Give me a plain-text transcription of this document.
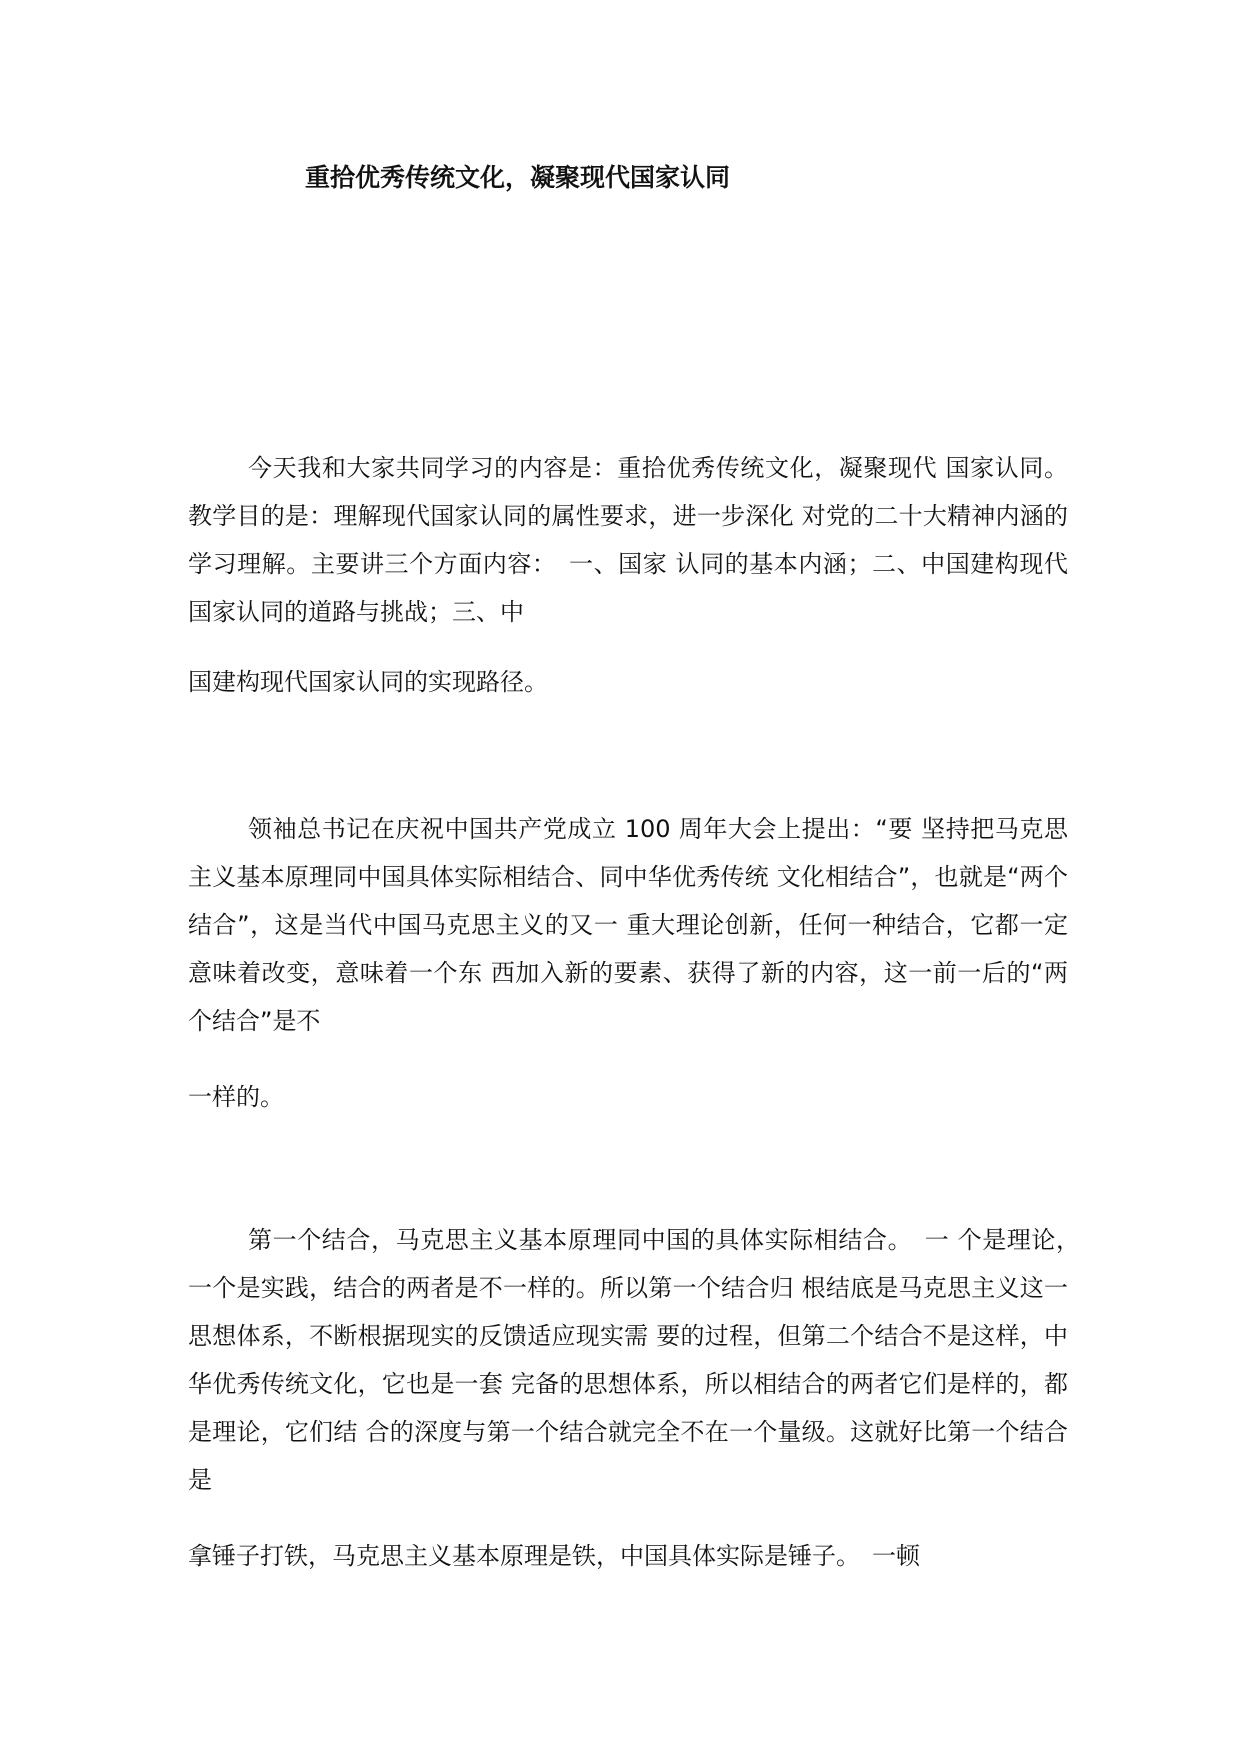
重拾优秀传统文化，凝聚现代国家认同

今天我和大家共同学习的内容是：重拾优秀传统文化，凝聚现代 国家认同。教学目的是：理解现代国家认同的属性要求，进一步深化 对党的二十大精神内涵的学习理解。主要讲三个方面内容：　一、国家 认同的基本内涵；二、中国建构现代国家认同的道路与挑战；三、中

国建构现代国家认同的实现路径。

领袖总书记在庆祝中国共产党成立 100 周年大会上提出：“要 坚持把马克思主义基本原理同中国具体实际相结合、同中华优秀传统 文化相结合”，也就是“两个结合”，这是当代中国马克思主义的又一 重大理论创新，任何一种结合，它都一定意味着改变，意味着一个东 西加入新的要素、获得了新的内容，这一前一后的“两个结合”是不

一样的。

第一个结合，马克思主义基本原理同中国的具体实际相结合。　一 个是理论，　一个是实践，结合的两者是不一样的。所以第一个结合归 根结底是马克思主义这一思想体系，不断根据现实的反馈适应现实需 要的过程，但第二个结合不是这样，中华优秀传统文化，它也是一套 完备的思想体系，所以相结合的两者它们是样的，都是理论，它们结 合的深度与第一个结合就完全不在一个量级。这就好比第一个结合是

拿锤子打铁，马克思主义基本原理是铁，中国具体实际是锤子。　一顿
